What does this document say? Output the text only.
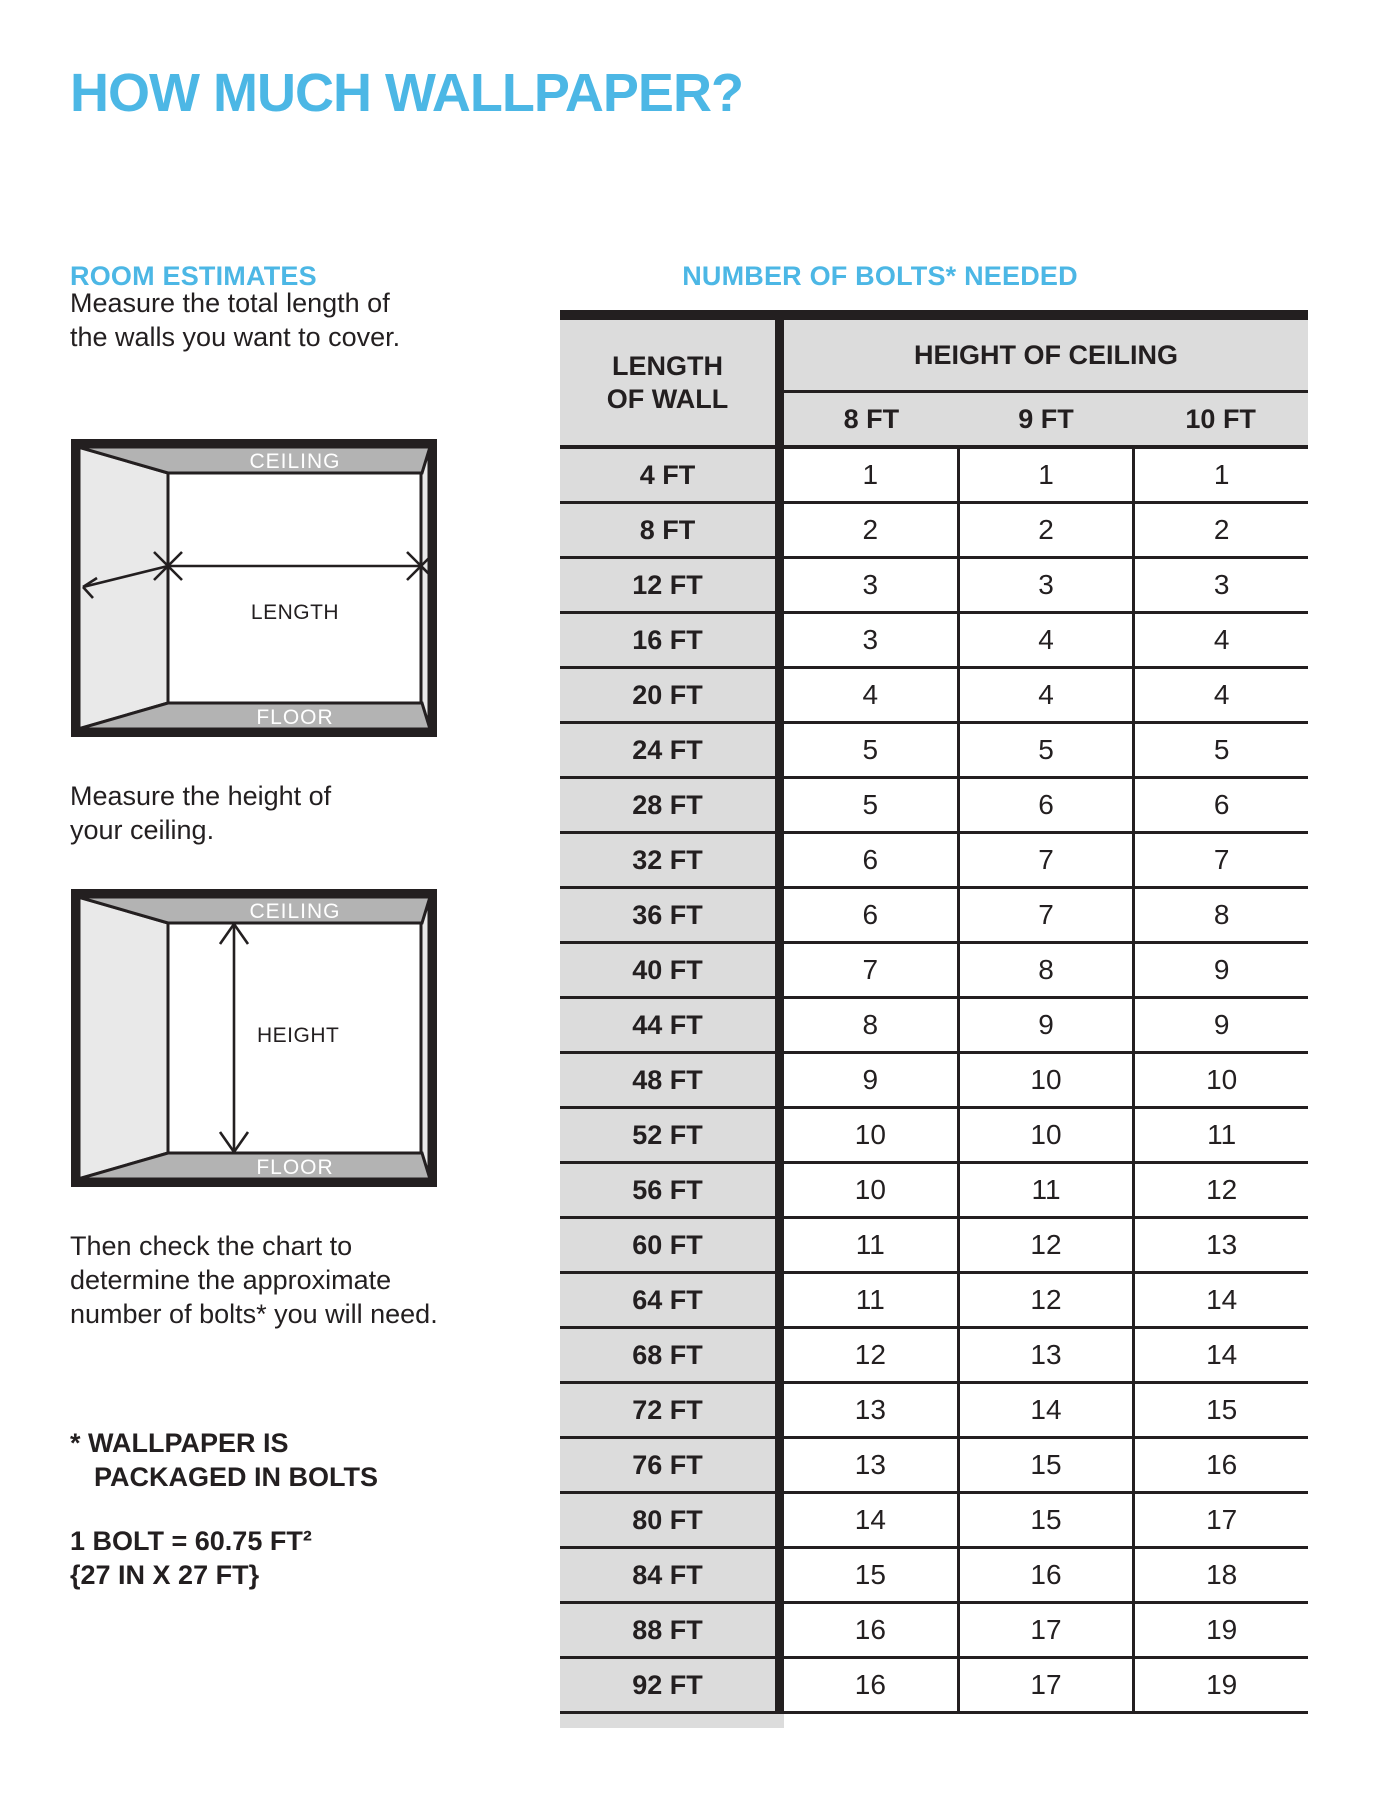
HOW MUCH WALLPAPER?
ROOM ESTIMATES
Measure the total length of
the walls you want to cover.
CEILING
FLOOR
LENGTH
Measure the height of
your ceiling.
CEILING
FLOOR
HEIGHT
Then check the chart to
determine the approximate
number of bolts* you will need.
* WALLPAPER IS
PACKAGED IN BOLTS
1 BOLT = 60.75 FT²
{27 IN X 27 FT}
NUMBER OF BOLTS* NEEDED
LENGTH
OF WALL
HEIGHT OF CEILING
8 FT	9 FT	10 FT
4 FT	1	1	1
8 FT	2	2	2
12 FT	3	3	3
16 FT	3	4	4
20 FT	4	4	4
24 FT	5	5	5
28 FT	5	6	6
32 FT	6	7	7
36 FT	6	7	8
40 FT	7	8	9
44 FT	8	9	9
48 FT	9	10	10
52 FT	10	10	11
56 FT	10	11	12
60 FT	11	12	13
64 FT	11	12	14
68 FT	12	13	14
72 FT	13	14	15
76 FT	13	15	16
80 FT	14	15	17
84 FT	15	16	18
88 FT	16	17	19
92 FT	16	17	19
